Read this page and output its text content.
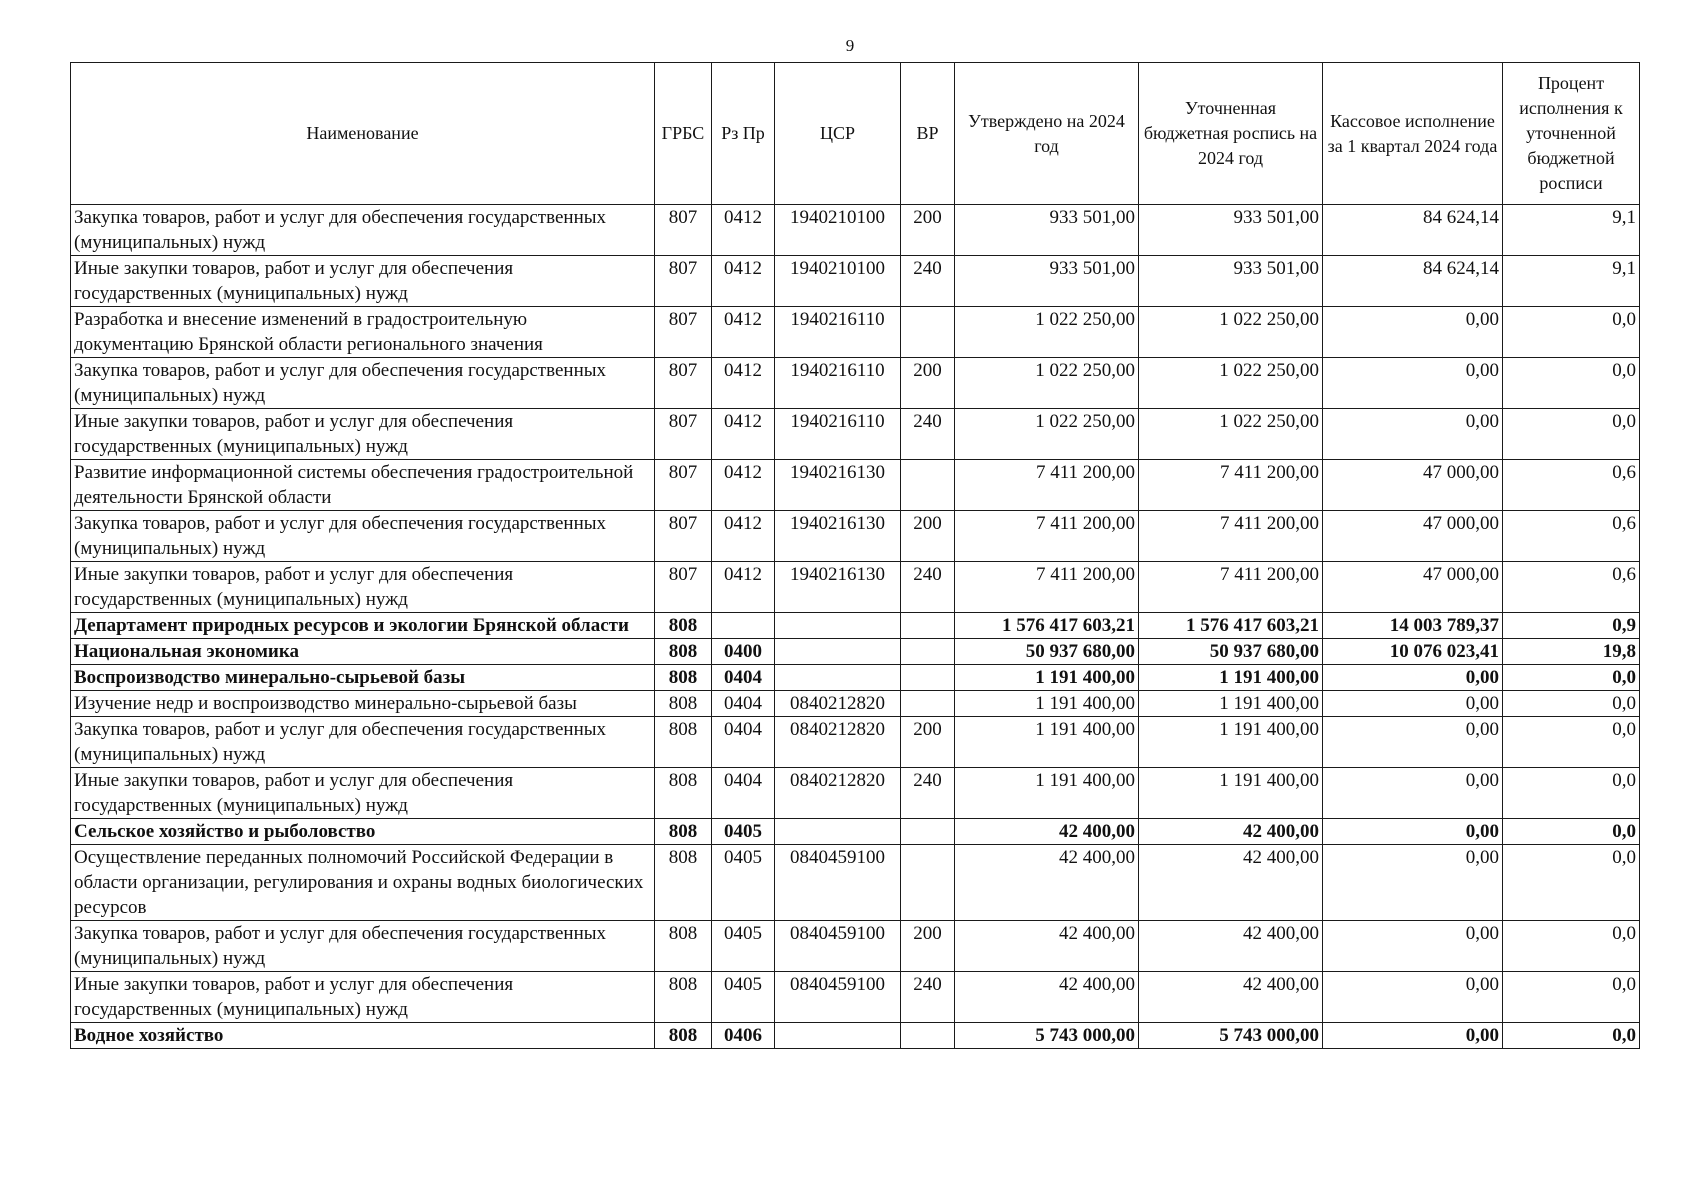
9
Наименование	ГРБС	Рз Пр	ЦСР	ВР	Утверждено на 2024 год	Уточненная бюджетная роспись на 2024 год	Кассовое исполнение за 1 квартал 2024 года	Процент исполнения к уточненной бюджетной росписи
Закупка товаров, работ и услуг для обеспечения государственных (муниципальных) нужд	807	0412	1940210100	200	933 501,00	933 501,00	84 624,14	9,1
Иные закупки товаров, работ и услуг для обеспечения государственных (муниципальных) нужд	807	0412	1940210100	240	933 501,00	933 501,00	84 624,14	9,1
Разработка и внесение изменений в градостроительную документацию Брянской области регионального значения	807	0412	1940216110		1 022 250,00	1 022 250,00	0,00	0,0
Закупка товаров, работ и услуг для обеспечения государственных (муниципальных) нужд	807	0412	1940216110	200	1 022 250,00	1 022 250,00	0,00	0,0
Иные закупки товаров, работ и услуг для обеспечения государственных (муниципальных) нужд	807	0412	1940216110	240	1 022 250,00	1 022 250,00	0,00	0,0
Развитие информационной системы обеспечения градостроительной деятельности Брянской области	807	0412	1940216130		7 411 200,00	7 411 200,00	47 000,00	0,6
Закупка товаров, работ и услуг для обеспечения государственных (муниципальных) нужд	807	0412	1940216130	200	7 411 200,00	7 411 200,00	47 000,00	0,6
Иные закупки товаров, работ и услуг для обеспечения государственных (муниципальных) нужд	807	0412	1940216130	240	7 411 200,00	7 411 200,00	47 000,00	0,6
Департамент природных ресурсов и экологии Брянской области	808				1 576 417 603,21	1 576 417 603,21	14 003 789,37	0,9
Национальная экономика	808	0400			50 937 680,00	50 937 680,00	10 076 023,41	19,8
Воспроизводство минерально-сырьевой базы	808	0404			1 191 400,00	1 191 400,00	0,00	0,0
Изучение недр и воспроизводство минерально-сырьевой базы	808	0404	0840212820		1 191 400,00	1 191 400,00	0,00	0,0
Закупка товаров, работ и услуг для обеспечения государственных (муниципальных) нужд	808	0404	0840212820	200	1 191 400,00	1 191 400,00	0,00	0,0
Иные закупки товаров, работ и услуг для обеспечения государственных (муниципальных) нужд	808	0404	0840212820	240	1 191 400,00	1 191 400,00	0,00	0,0
Сельское хозяйство и рыболовство	808	0405			42 400,00	42 400,00	0,00	0,0
Осуществление переданных полномочий Российской Федерации в области организации, регулирования и охраны водных биологических ресурсов	808	0405	0840459100		42 400,00	42 400,00	0,00	0,0
Закупка товаров, работ и услуг для обеспечения государственных (муниципальных) нужд	808	0405	0840459100	200	42 400,00	42 400,00	0,00	0,0
Иные закупки товаров, работ и услуг для обеспечения государственных (муниципальных) нужд	808	0405	0840459100	240	42 400,00	42 400,00	0,00	0,0
Водное хозяйство	808	0406			5 743 000,00	5 743 000,00	0,00	0,0
